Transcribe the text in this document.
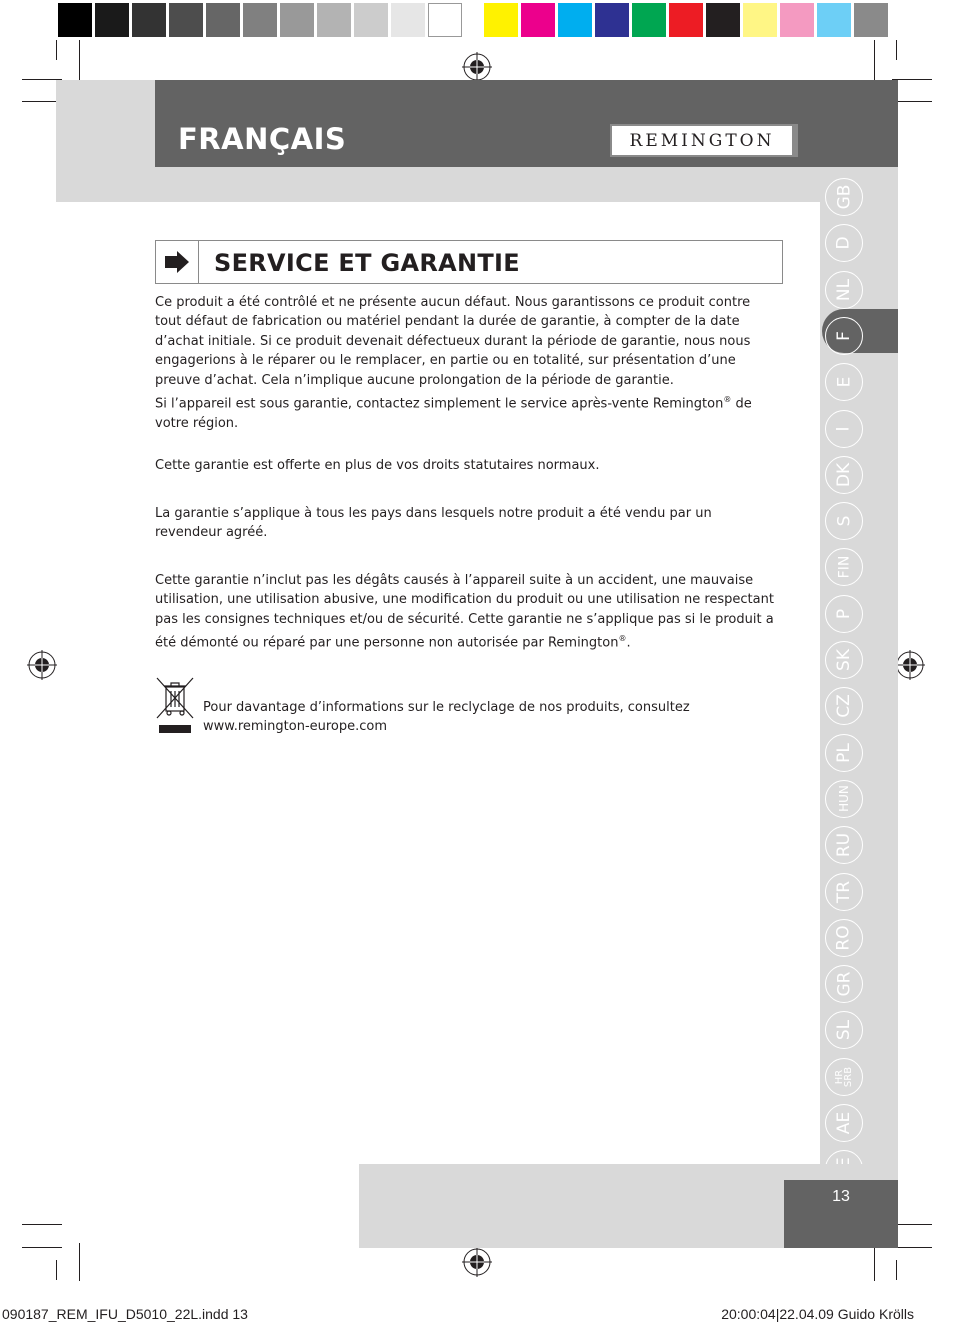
FRANÇAIS	REMINGTON
GB
D
NL
F
E
I
DK
S
FIN
P
SK
CZ
PL
HUN
RU
TR
RO
GR
SL
HR
SRB
AE
SERVICE ET GARANTIE
Ce produit a été contrôlé et ne présente aucun défaut. Nous garantissons ce produit contre tout défaut de fabrication ou matériel pendant la durée de garantie, à compter de la date d’achat initiale. Si ce produit devenait défectueux durant la période de garantie, nous nous engagerions à le réparer ou le remplacer, en partie ou en totalité, sur présentation d’une preuve d’achat. Cela n’implique aucune prolongation de la période de garantie.
Si l’appareil est sous garantie, contactez simplement le service après-vente Remington® de votre région.
Cette garantie est offerte en plus de vos droits statutaires normaux.
La garantie s’applique à tous les pays dans lesquels notre produit a été vendu par un revendeur agréé.
Cette garantie n’inclut pas les dégâts causés à l’appareil suite à un accident, une mauvaise utilisation, une utilisation abusive, une modification du produit ou une utilisation ne respectant pas les consignes techniques et/ou de sécurité. Cette garantie ne s’applique pas si le produit a été démonté ou réparé par une personne non autorisée par Remington®.
Pour davantage d’informations sur le reclyclage de nos produits, consultez
www.remington-europe.com
13
090187_REM_IFU_D5010_22L.indd 13	20:00:04|22.04.09 Guido Krölls
